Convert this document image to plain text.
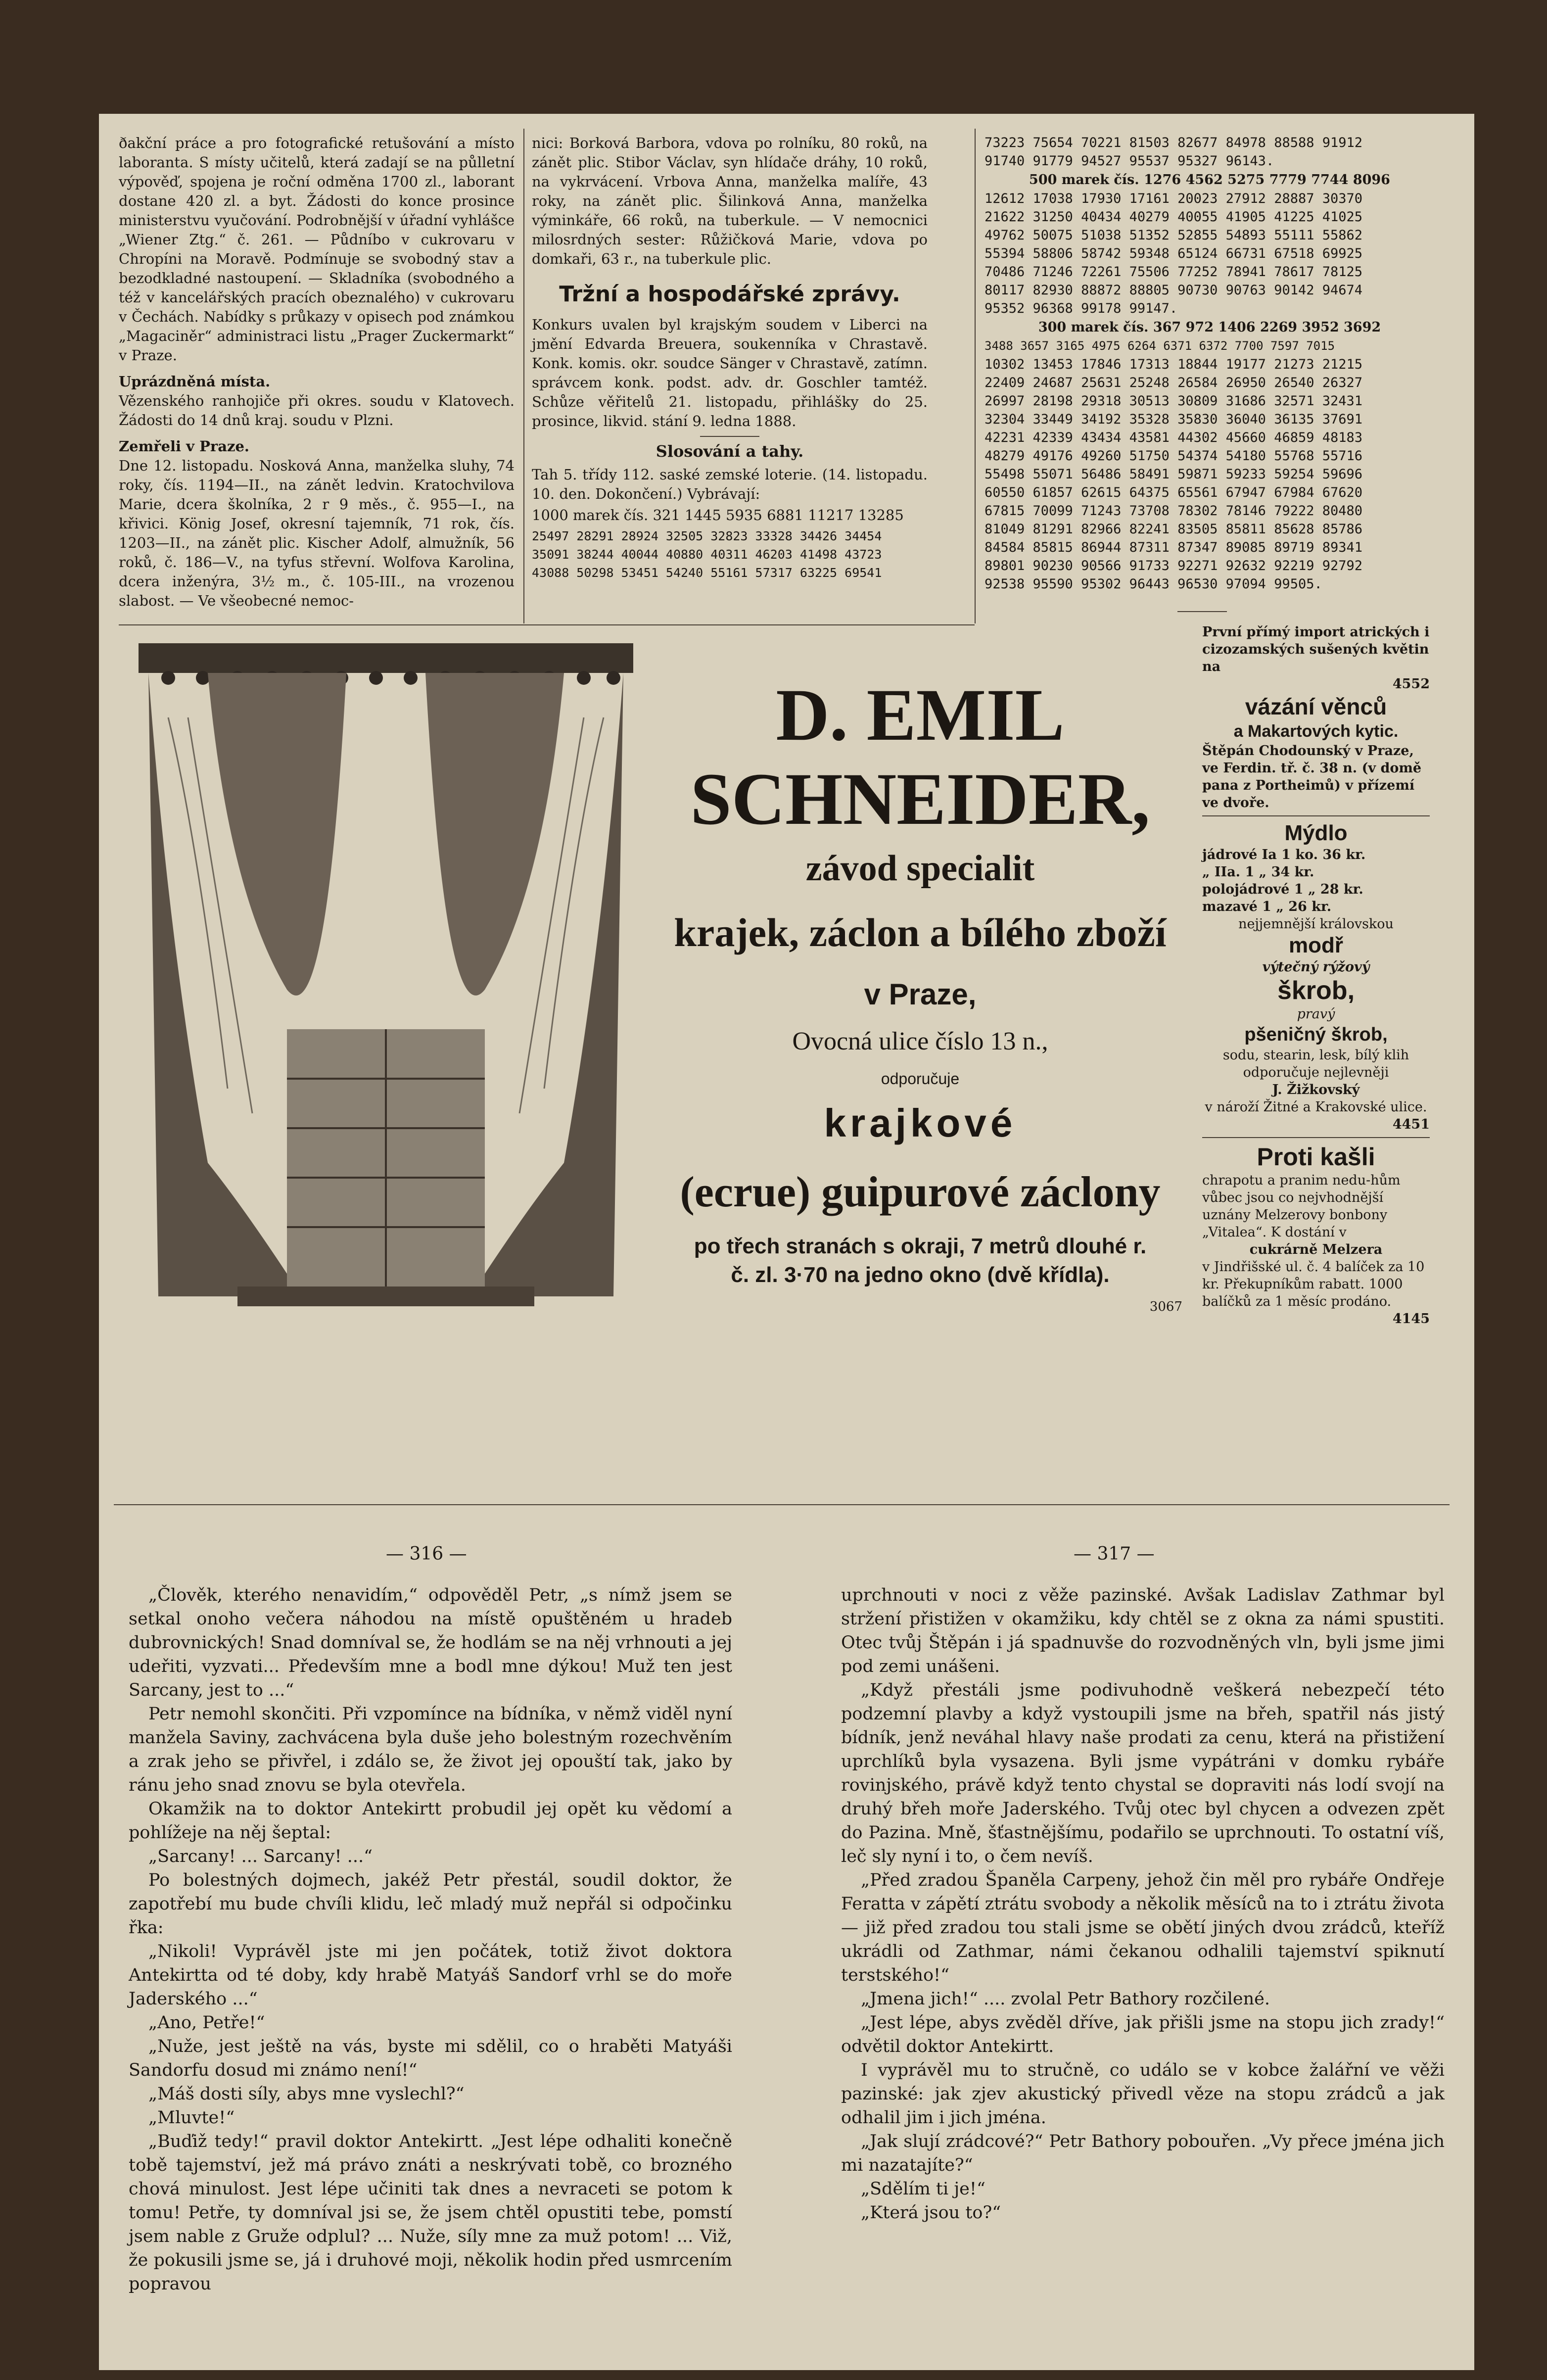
ðakční práce a pro fotografické retušování a místo laboranta. S místy učitelů, která zadají se na půlletní výpověď, spojena je roční odměna 1700 zl., laborant dostane 420 zl. a byt. Žádosti do konce prosince ministerstvu vyučování. Podrobnější v úřadní vyhlášce „Wiener Ztg.“ č. 261. — Půdníbo v cukrovaru v Chropíni na Moravě. Podmínuje se svobodný stav a bezodkladné nastoupení. — Skladníka (svobodného a též v kancelářských pracích obeznalého) v cukrovaru v Čechách. Nabídky s průkazy v opisech pod známkou „Magaciněr“ administraci listu „Prager Zuckermarkt“ v Praze.

Uprázdněná místa.

Vězenského ranhojiče při okres. soudu v Klatovech. Žádosti do 14 dnů kraj. soudu v Plzni.

Zemřeli v Praze.

Dne 12. listopadu. Nosková Anna, manželka sluhy, 74 roky, čís. 1194—II., na zánět ledvin. Kratochvilova Marie, dcera školníka, 2 r 9 měs., č. 955—I., na křivici. König Josef, okresní tajemník, 71 rok, čís. 1203—II., na zánět plic. Kischer Adolf, almužník, 56 roků, č. 186—V., na tyfus střevní. Wolfova Karolina, dcera inženýra, 3½ m., č. 105-III., na vrozenou slabost. — Ve všeobecné nemoc-

nici: Borková Barbora, vdova po rolníku, 80 roků, na zánět plic. Stibor Václav, syn hlídače dráhy, 10 roků, na vykrvácení. Vrbova Anna, manželka malíře, 43 roky, na zánět plic. Šilinková Anna, manželka výminkáře, 66 roků, na tuberkule. — V nemocnici milosrdných sester: Růžičková Marie, vdova po domkaři, 63 r., na tuberkule plic.

Tržní a hospodářské zprávy.

Konkurs uvalen byl krajským soudem v Liberci na jmění Edvarda Breuera, soukenníka v Chrastavě. Konk. komis. okr. soudce Sänger v Chrastavě, zatímn. správcem konk. podst. adv. dr. Goschler tamtéž. Schůze věřitelů 21. listopadu, přihlášky do 25. prosince, likvid. stání 9. ledna 1888.

Slosování a tahy.

Tah 5. třídy 112. saské zemské loterie. (14. listopadu. 10. den. Dokončení.) Vybrávají:

1000 marek čís. 321 1445 5935 6881 11217 13285

25497 28291 28924 32505 32823 33328 34426 34454
35091 38244 40044 40880 40311 46203 41498 43723
43088 50298 53451 54240 55161 57317 63225 69541
73223 75654 70221 81503 82677 84978 88588 91912
91740 91779 94527 95537 95327 96143.
500 marek čís. 1276 4562 5275 7779 7744 8096
12612 17038 17930 17161 20023 27912 28887 30370
21622 31250 40434 40279 40055 41905 41225 41025
49762 50075 51038 51352 52855 54893 55111 55862
55394 58806 58742 59348 65124 66731 67518 69925
70486 71246 72261 75506 77252 78941 78617 78125
80117 82930 88872 88805 90730 90763 90142 94674
95352 96368 99178 99147.
300 marek čís. 367 972 1406 2269 3952 3692
3488 3657 3165 4975 6264 6371 6372 7700 7597 7015
10302 13453 17846 17313 18844 19177 21273 21215
22409 24687 25631 25248 26584 26950 26540 26327
26997 28198 29318 30513 30809 31686 32571 32431
32304 33449 34192 35328 35830 36040 36135 37691
42231 42339 43434 43581 44302 45660 46859 48183
48279 49176 49260 51750 54374 54180 55768 55716
55498 55071 56486 58491 59871 59233 59254 59696
60550 61857 62615 64375 65561 67947 67984 67620
67815 70099 71243 73708 78302 78146 79222 80480
81049 81291 82966 82241 83505 85811 85628 85786
84584 85815 86944 87311 87347 89085 89719 89341
89801 90230 90566 91733 92271 92632 92219 92792
92538 95590 95302 96443 96530 97094 99505.
D. EMIL SCHNEIDER,
závod specialit
krajek, záclon a bílého zboží
v Praze,
Ovocná ulice číslo 13 n.,
odporučuje
krajkové
(ecrue) guipurové záclony
po třech stranách s okraji, 7 metrů dlouhé r. č. zl. 3·70 na jedno okno (dvě křídla).
3067
První přímý import atrických i cizozamských sušených květin na
4552
vázání věnců
a Makartových kytic.
Štěpán Chodounský v Praze, ve Ferdin. tř. č. 38 n. (v domě pana z Portheimů) v přízemí ve dvoře.
Mýdlo
jádrové Ia 1 ko. 36 kr.
„ IIa. 1 „ 34 kr.
polojádrové 1 „ 28 kr.
mazavé 1 „ 26 kr.
nejjemnější královskou
modř
výtečný rýžový
škrob,
pravý
pšeničný škrob,
sodu, stearin, lesk, bílý klih odporučuje nejlevněji
J. Žižkovský
v nároží Žitné a Krakovské ulice.
4451
Proti kašli
chrapotu a pranim nedu-hům vůbec jsou co nejvhodnější uznány Melzerovy bonbony „Vitalea“. K dostání v
cukrárně Melzera
v Jindřišské ul. č. 4 balíček za 10 kr. Překupníkům rabatt. 1000 balíčků za 1 měsíc prodáno.
4145
— 316 —	— 317 —

„Člověk, kterého nenavidím,“ odpověděl Petr, „s nímž jsem se setkal onoho večera náhodou na místě opuštěném u hradeb dubrovnických! Snad domníval se, že hodlám se na něj vrhnouti a jej udeřiti, vyzvati... Především mne a bodl mne dýkou! Muž ten jest Sarcany, jest to ...“

Petr nemohl skončiti. Při vzpomínce na bídníka, v němž viděl nyní manžela Saviny, zachvácena byla duše jeho bolestným rozechvěním a zrak jeho se přivřel, i zdálo se, že život jej opouští tak, jako by ránu jeho snad znovu se byla otevřela.

Okamžik na to doktor Antekirtt probudil jej opět ku vědomí a pohlížeje na něj šeptal:

„Sarcany! ... Sarcany! ...“

Po bolestných dojmech, jakéž Petr přestál, soudil doktor, že zapotřebí mu bude chvíli klidu, leč mladý muž nepřál si odpočinku řka:

„Nikoli! Vyprávěl jste mi jen počátek, totiž život doktora Antekirtta od té doby, kdy hrabě Matyáš Sandorf vrhl se do moře Jaderského ...“

„Ano, Petře!“

„Nuže, jest ještě na vás, byste mi sdělil, co o hraběti Matyáši Sandorfu dosud mi známo není!“

„Máš dosti síly, abys mne vyslechl?“

„Mluvte!“

„Buďiž tedy!“ pravil doktor Antekirtt. „Jest lépe odhaliti konečně tobě tajemství, jež má právo znáti a neskrývati tobě, co brozného chová minulost. Jest lépe učiniti tak dnes a nevraceti se potom k tomu! Petře, ty domníval jsi se, že jsem chtěl opustiti tebe, pomstí jsem nable z Gruže odplul? ... Nuže, síly mne za muž potom! ... Viž, že pokusili jsme se, já i druhové moji, několik hodin před usmrcením popravou

uprchnouti v noci z věže pazinské. Avšak Ladislav Zathmar byl stržení přistižen v okamžiku, kdy chtěl se z okna za námi spustiti. Otec tvůj Štěpán i já spadnuvše do rozvodněných vln, byli jsme jimi pod zemi unášeni.

„Když přestáli jsme podivuhodně veškerá nebezpečí této podzemní plavby a když vystoupili jsme na břeh, spatřil nás jistý bídník, jenž neváhal hlavy naše prodati za cenu, která na přistižení uprchlíků byla vysazena. Byli jsme vypátráni v domku rybáře rovinjského, právě když tento chystal se dopraviti nás lodí svojí na druhý břeh moře Jaderského. Tvůj otec byl chycen a odvezen zpět do Pazina. Mně, šťastnějšímu, podařilo se uprchnouti. To ostatní víš, leč sly nyní i to, o čem nevíš.

„Před zradou Španěla Carpeny, jehož čin měl pro rybáře Ondřeje Feratta v zápětí ztrátu svobody a několik měsíců na to i ztrátu života — již před zradou tou stali jsme se obětí jiných dvou zrádců, kteříž ukrádli od Zathmar, námi čekanou odhalili tajemství spiknutí terstského!“

„Jmena jich!“ .... zvolal Petr Bathory rozčilené.

„Jest lépe, abys zvěděl dříve, jak přišli jsme na stopu jich zrady!“ odvětil doktor Antekirtt.

I vyprávěl mu to stručně, co událo se v kobce žalářní ve věži pazinské: jak zjev akustický přivedl věze na stopu zrádců a jak odhalil jim i jich jména.

„Jak slují zrádcové?“ Petr Bathory pobouřen. „Vy přece jména jich mi nazatajíte?“

„Sdělím ti je!“

„Která jsou to?“
